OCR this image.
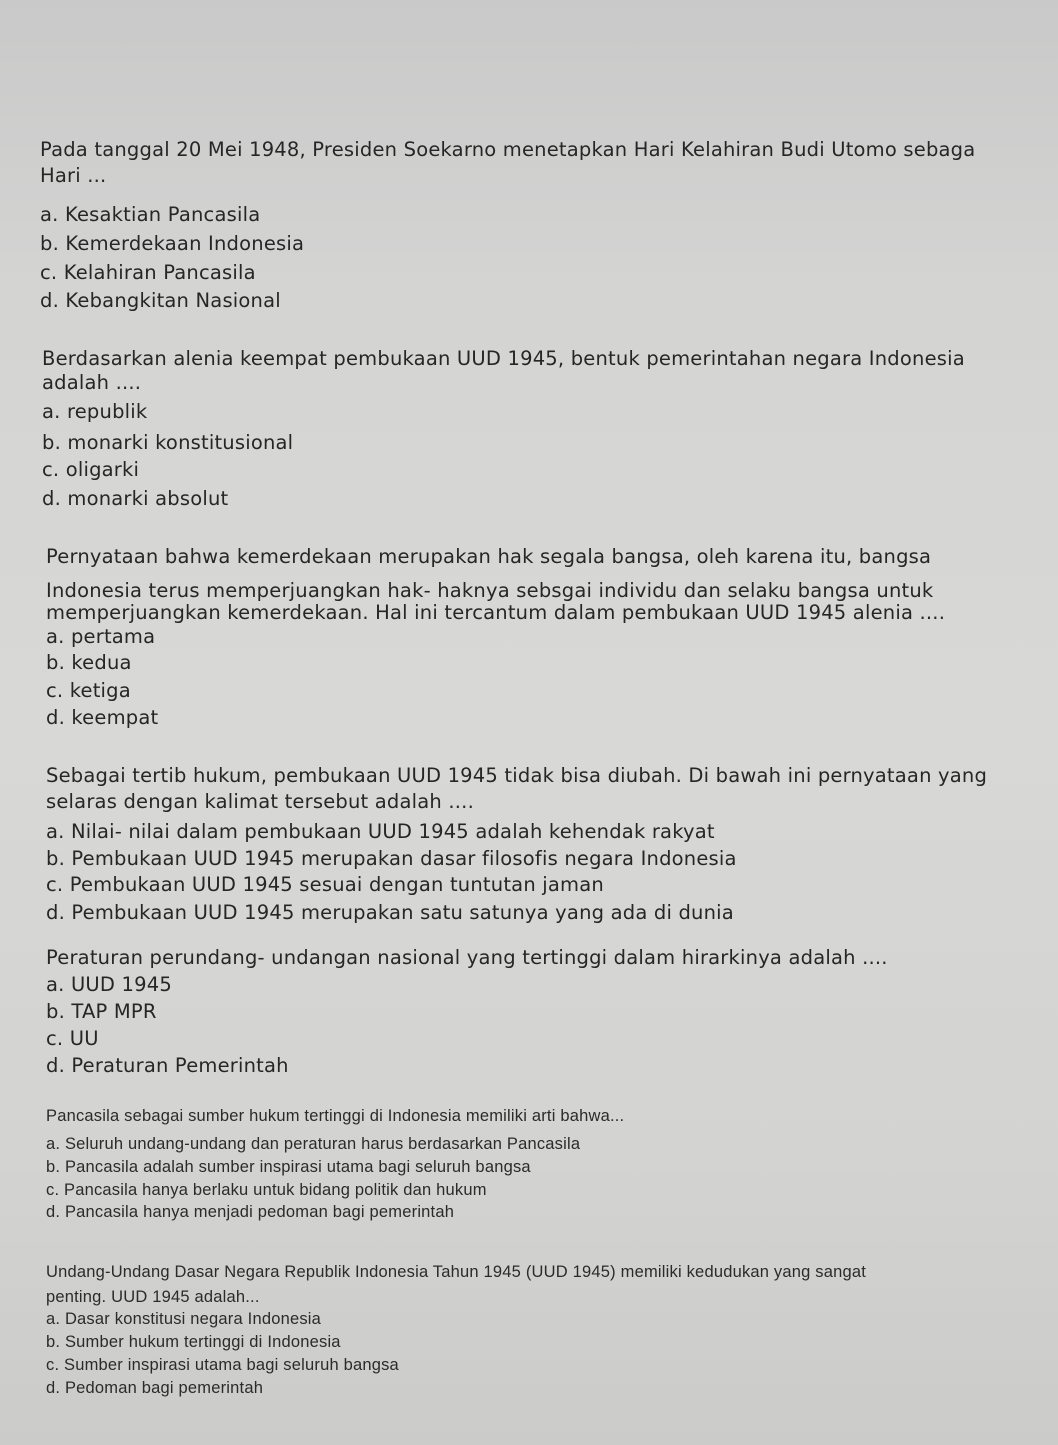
Pada tanggal 20 Mei 1948, Presiden Soekarno menetapkan Hari Kelahiran Budi Utomo sebaga

Hari ...

a. Kesaktian Pancasila

b. Kemerdekaan Indonesia

c. Kelahiran Pancasila

d. Kebangkitan Nasional

Berdasarkan alenia keempat pembukaan UUD 1945, bentuk pemerintahan negara Indonesia

adalah ....

a. republik

b. monarki konstitusional

c. oligarki

d. monarki absolut

Pernyataan bahwa kemerdekaan merupakan hak segala bangsa, oleh karena itu, bangsa

Indonesia terus memperjuangkan hak- haknya sebsgai individu dan selaku bangsa untuk

memperjuangkan kemerdekaan. Hal ini tercantum dalam pembukaan UUD 1945 alenia ....

a. pertama

b. kedua

c. ketiga

d. keempat

Sebagai tertib hukum, pembukaan UUD 1945 tidak bisa diubah. Di bawah ini pernyataan yang

selaras dengan kalimat tersebut adalah ....

a. Nilai- nilai dalam pembukaan UUD 1945 adalah kehendak rakyat

b. Pembukaan UUD 1945 merupakan dasar filosofis negara Indonesia

c. Pembukaan UUD 1945 sesuai dengan tuntutan jaman

d. Pembukaan UUD 1945 merupakan satu satunya yang ada di dunia

Peraturan perundang- undangan nasional yang tertinggi dalam hirarkinya adalah ....

a. UUD 1945

b. TAP MPR

c. UU

d. Peraturan Pemerintah

Pancasila sebagai sumber hukum tertinggi di Indonesia memiliki arti bahwa...

a. Seluruh undang-undang dan peraturan harus berdasarkan Pancasila

b. Pancasila adalah sumber inspirasi utama bagi seluruh bangsa

c. Pancasila hanya berlaku untuk bidang politik dan hukum

d. Pancasila hanya menjadi pedoman bagi pemerintah

Undang-Undang Dasar Negara Republik Indonesia Tahun 1945 (UUD 1945) memiliki kedudukan yang sangat

penting. UUD 1945 adalah...

a. Dasar konstitusi negara Indonesia

b. Sumber hukum tertinggi di Indonesia

c. Sumber inspirasi utama bagi seluruh bangsa

d. Pedoman bagi pemerintah
